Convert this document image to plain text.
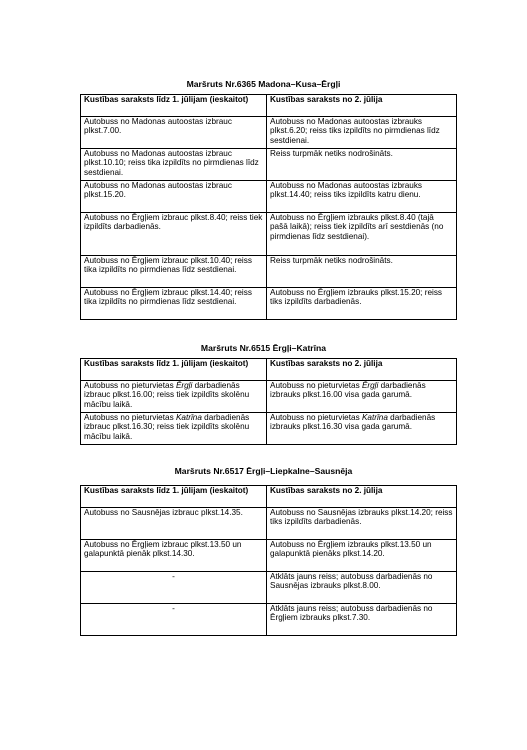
Maršruts Nr.6365 Madona–Kusa–Ērgļi
Kustības saraksts līdz 1. jūlijam (ieskaitot)	Kustības saraksts no 2. jūlija
Autobuss no Madonas autoostas izbrauc plkst.7.00.	Autobuss no Madonas autoostas izbrauks plkst.6.20; reiss tiks izpildīts no pirmdienas līdz sestdienai.
Autobuss no Madonas autoostas izbrauc plkst.10.10; reiss tika izpildīts no pirmdienas līdz sestdienai.	Reiss turpmāk netiks nodrošināts.
Autobuss no Madonas autoostas izbrauc plkst.15.20.	Autobuss no Madonas autoostas izbrauks plkst.14.40; reiss tiks izpildīts katru dienu.
Autobuss no Ērgļiem izbrauc plkst.8.40; reiss tiek izpildīts darbadienās.	Autobuss no Ērgļiem izbrauks plkst.8.40 (tajā pašā laikā); reiss tiek izpildīts arī sestdienās (no pirmdienas līdz sestdienai).
Autobuss no Ērgļiem izbrauc plkst.10.40; reiss tika izpildīts no pirmdienas līdz sestdienai.	Reiss turpmāk netiks nodrošināts.
Autobuss no Ērgļiem izbrauc plkst.14.40; reiss tika izpildīts no pirmdienas līdz sestdienai.	Autobuss no Ērgļiem izbrauks plkst.15.20; reiss tiks izpildīts darbadienās.
Maršruts Nr.6515 Ērgļi–Katrīna
Kustības saraksts līdz 1. jūlijam (ieskaitot)	Kustības saraksts no 2. jūlija
Autobuss no pieturvietas Ērgļi darbadienās izbrauc plkst.16.00; reiss tiek izpildīts skolēnu mācību laikā.	Autobuss no pieturvietas Ērgļi darbadienās izbrauks plkst.16.00 visa gada garumā.
Autobuss no pieturvietas Katrīna darbadienās izbrauc plkst.16.30; reiss tiek izpildīts skolēnu mācību laikā.	Autobuss no pieturvietas Katrīna darbadienās izbrauks plkst.16.30 visa gada garumā.
Maršruts Nr.6517 Ērgļi–Liepkalne–Sausnēja
Kustības saraksts līdz 1. jūlijam (ieskaitot)	Kustības saraksts no 2. jūlija
Autobuss no Sausnējas izbrauc plkst.14.35.	Autobuss no Sausnējas izbrauks plkst.14.20; reiss tiks izpildīts darbadienās.
Autobuss no Ērgļiem izbrauc plkst.13.50 un galapunktā pienāk plkst.14.30.	Autobuss no Ērgļiem izbrauks plkst.13.50 un galapunktā pienāks plkst.14.20.
-	Atklāts jauns reiss; autobuss darbadienās no Sausnējas izbrauks plkst.8.00.
-	Atklāts jauns reiss; autobuss darbadienās no Ērgļiem izbrauks plkst.7.30.
